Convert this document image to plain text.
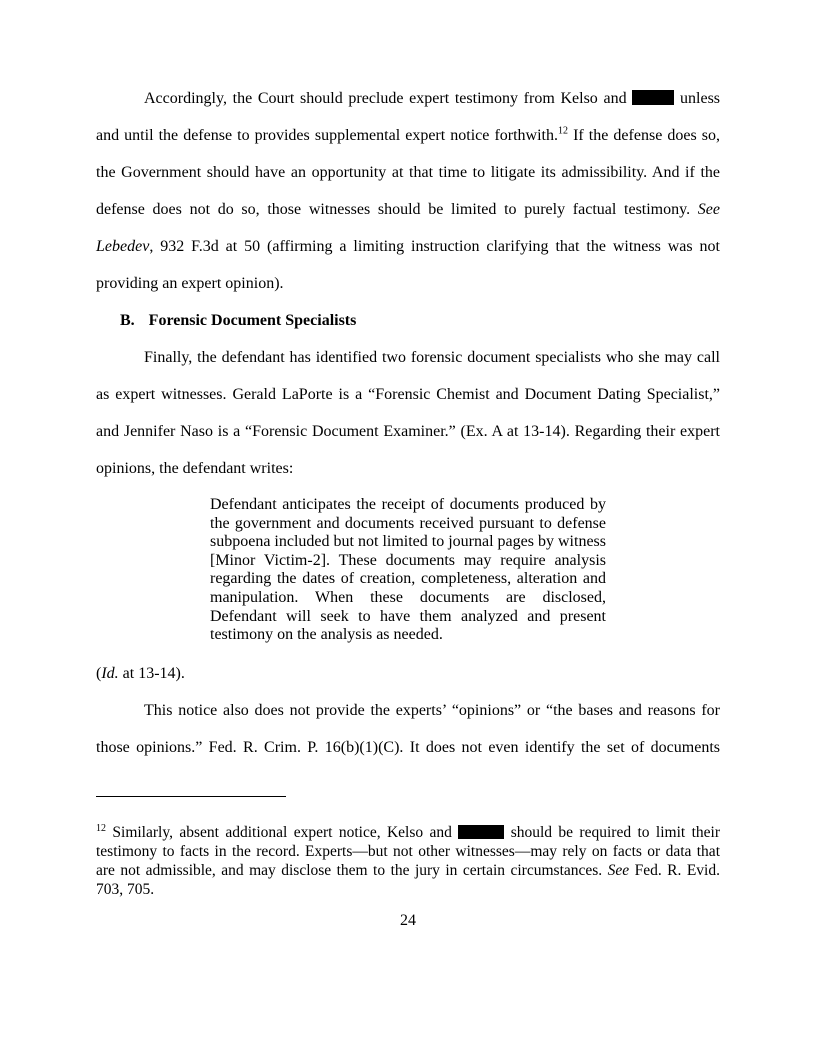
Accordingly, the Court should preclude expert testimony from Kelso and	unless and until the defense to provides supplemental expert notice forthwith.$^{12}$ If the defense does so, the Government should have an opportunity at that time to litigate its admissibility. And if the defense does not do so, those witnesses should be limited to purely factual testimony. See Lebedev, 932 F.3d at 50 (affirming a limiting instruction clarifying that the witness was not providing an expert opinion).

B. Forensic Document Specialists

Finally, the defendant has identified two forensic document specialists who she may call as expert witnesses. Gerald LaPorte is a “Forensic Chemist and Document Dating Specialist,” and Jennifer Naso is a “Forensic Document Examiner.” (Ex. A at 13-14). Regarding their expert opinions, the defendant writes:

Defendant anticipates the receipt of documents produced by the government and documents received pursuant to defense subpoena included but not limited to journal pages by witness [Minor Victim-2]. These documents may require analysis regarding the dates of creation, completeness, alteration and manipulation. When these documents are disclosed, Defendant will seek to have them analyzed and present testimony on the analysis as needed.

(Id. at 13-14).

This notice also does not provide the experts’ “opinions” or “the bases and reasons for those opinions.” Fed. R. Crim. P. 16(b)(1)(C). It does not even identify the set of documents

$^{12}$ Similarly, absent additional expert notice, Kelso and	should be required to limit their testimony to facts in the record. Experts—but not other witnesses—may rely on facts or data that are not admissible, and may disclose them to the jury in certain circumstances. See Fed. R. Evid. 703, 705.

24
